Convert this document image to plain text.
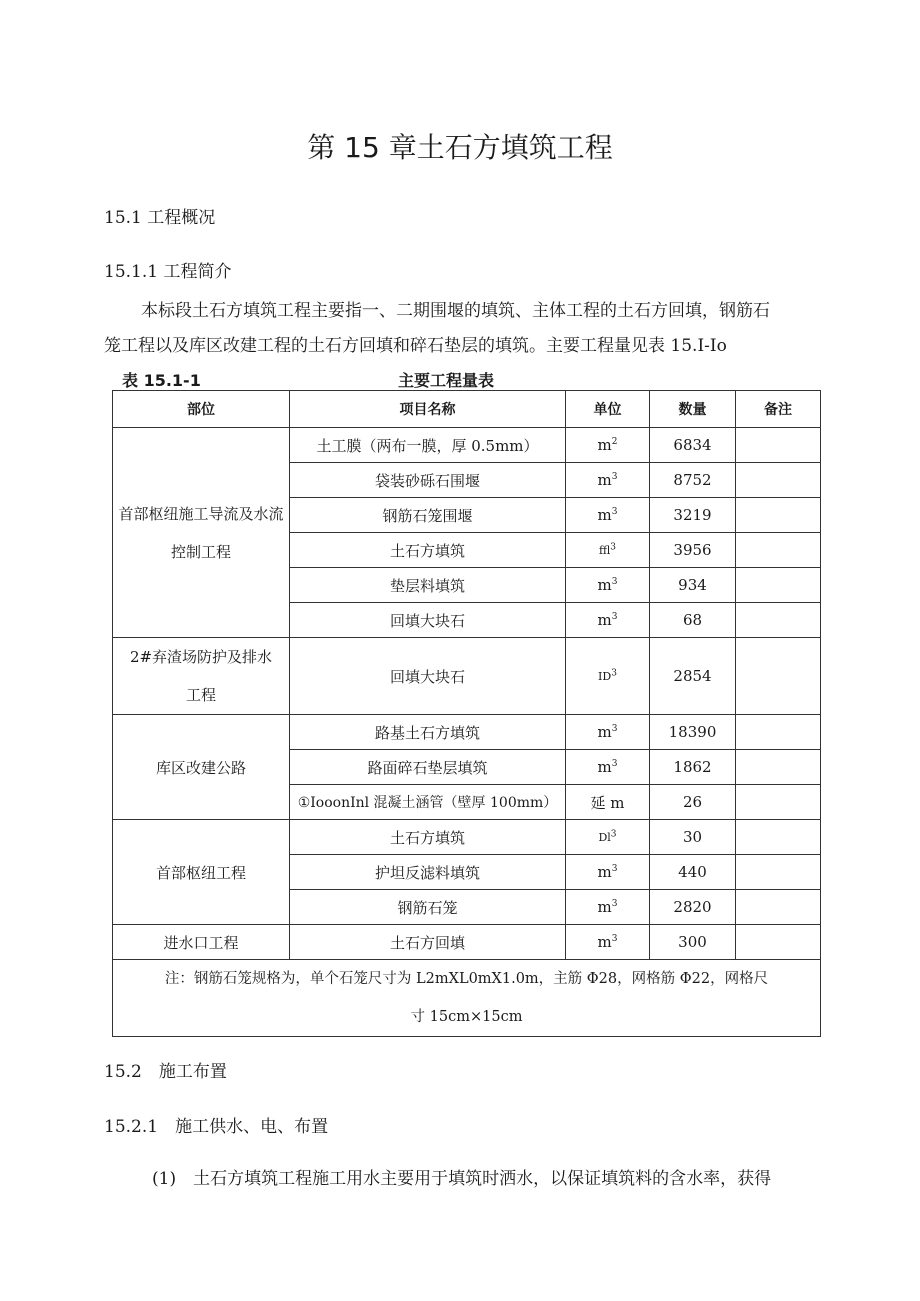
第 15 章土石方填筑工程
15.1 工程概况
15.1.1 工程简介
本标段土石方填筑工程主要指一、二期围堰的填筑、主体工程的土石方回填，钢筋石
笼工程以及库区改建工程的土石方回填和碎石垫层的填筑。主要工程量见表 15.I-Io
表 15.1-1	主要工程量表
部位	项目名称	单位	数量	备注
首部枢纽施工导流及水流控制工程	土工膜（两布一膜，厚 0.5mm）	$m^2$	6834	
	袋装砂砾石围堰	$m^3$	8752	
	钢筋石笼围堰	$m^3$	3219	
	土石方填筑	ffl$^3$	3956	
	垫层料填筑	$m^3$	934	
	回填大块石	$m^3$	68	
2#弃渣场防护及排水工程	回填大块石	$ID^3$	2854	
库区改建公路	路基土石方填筑	$m^3$	18390	
	路面碎石垫层填筑	$m^3$	1862	
	①IooonInl 混凝土涵管（壁厚 100mm）	延 m	26	
首部枢纽工程	土石方填筑	Dl$^3$	30	
	护坦反滤料填筑	$m^3$	440	
	钢筋石笼	$m^3$	2820	
进水口工程	土石方回填	$m^3$	300	

注：钢筋石笼规格为，单个石笼尺寸为 L2mXL0mX1.0m，主筋 Φ28，网格筋 Φ22，网格尺
寸 15cm×15cm				
15.2　施工布置
15.2.1　施工供水、电、布置
(1)　土石方填筑工程施工用水主要用于填筑时洒水，以保证填筑料的含水率，获得
